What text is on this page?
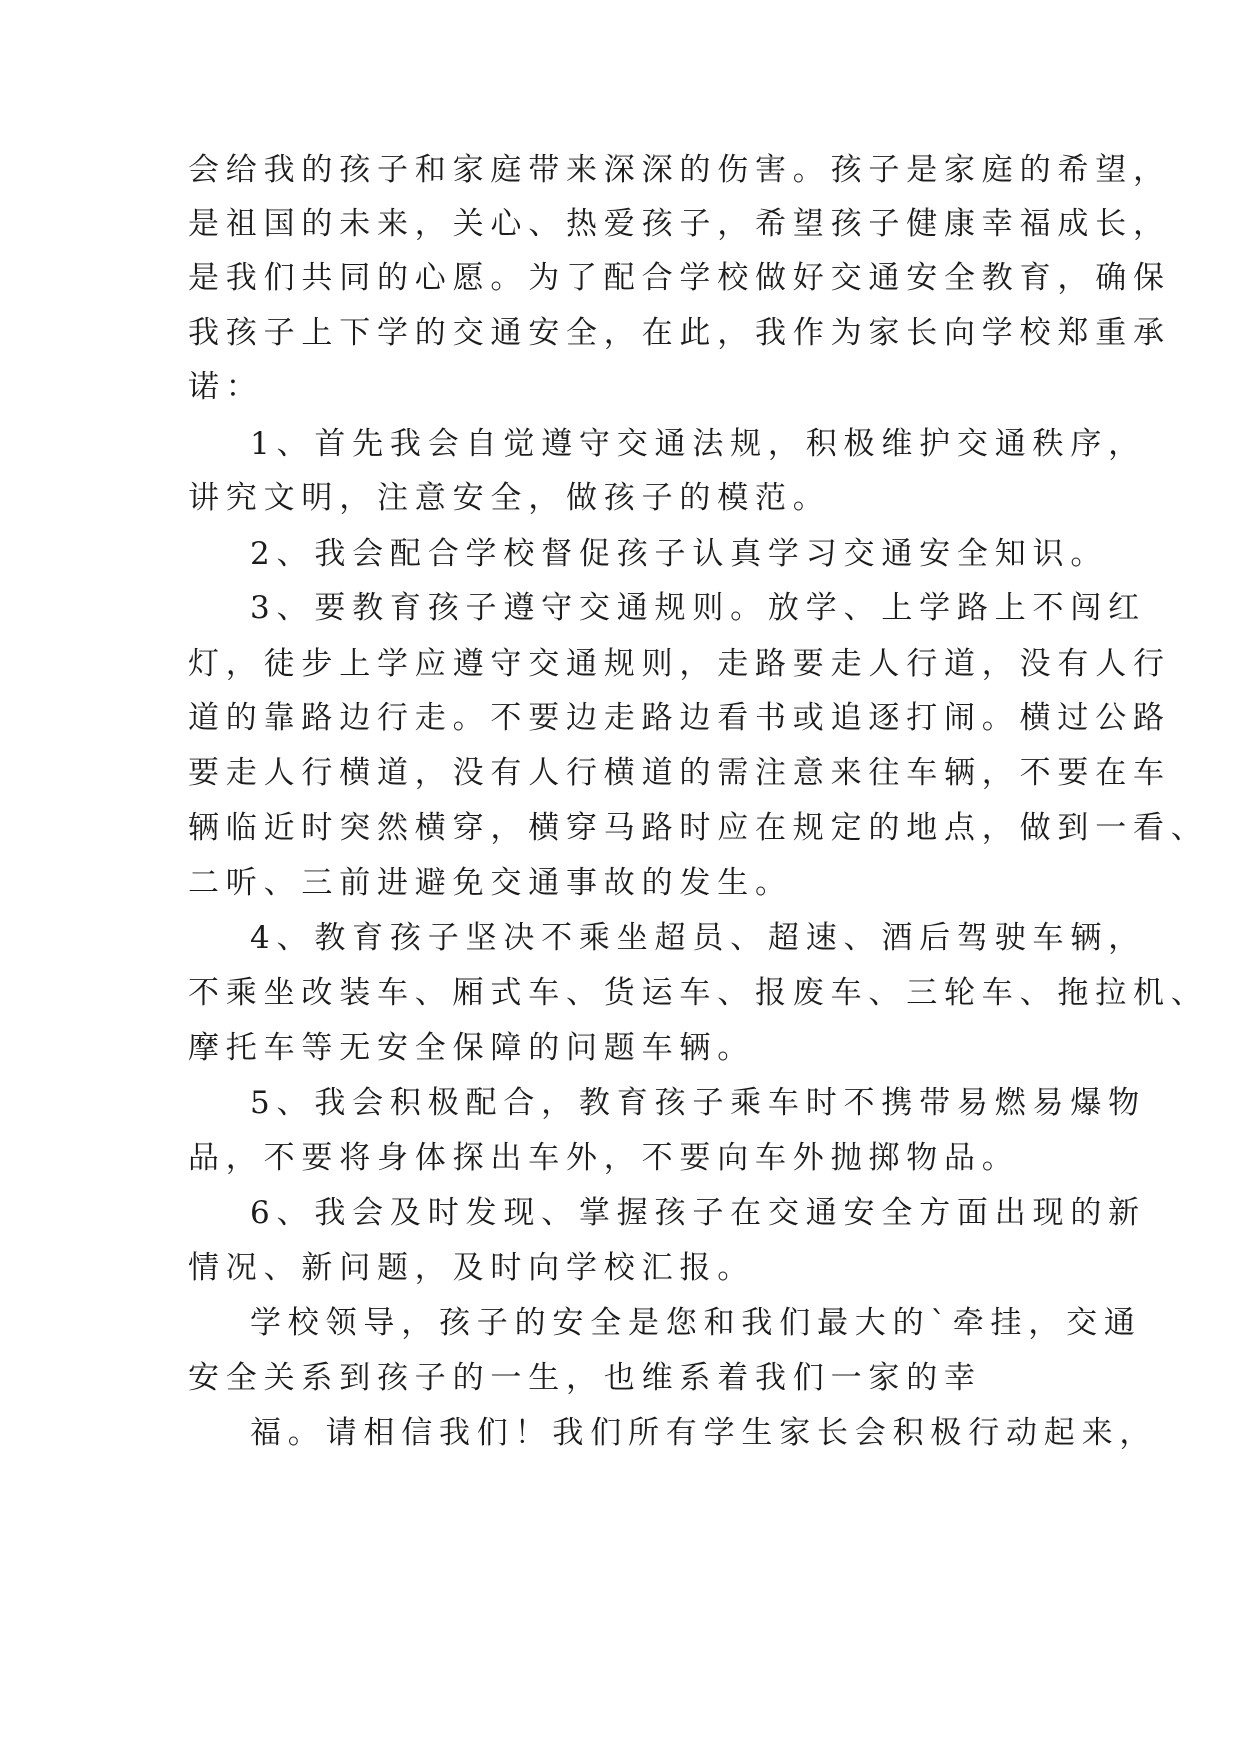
会给我的孩子和家庭带来深深的伤害。孩子是家庭的希望，
是祖国的未来，关心、热爱孩子，希望孩子健康幸福成长，
是我们共同的心愿。为了配合学校做好交通安全教育，确保
我孩子上下学的交通安全，在此，我作为家长向学校郑重承
诺：
1、首先我会自觉遵守交通法规，积极维护交通秩序，
讲究文明，注意安全，做孩子的模范。
2、我会配合学校督促孩子认真学习交通安全知识。
3、要教育孩子遵守交通规则。放学、上学路上不闯红
灯，徒步上学应遵守交通规则，走路要走人行道，没有人行
道的靠路边行走。不要边走路边看书或追逐打闹。横过公路
要走人行横道，没有人行横道的需注意来往车辆，不要在车
辆临近时突然横穿，横穿马路时应在规定的地点，做到一看、
二听、三前进避免交通事故的发生。
4、教育孩子坚决不乘坐超员、超速、酒后驾驶车辆，
不乘坐改装车、厢式车、货运车、报废车、三轮车、拖拉机、
摩托车等无安全保障的问题车辆。
5、我会积极配合，教育孩子乘车时不携带易燃易爆物
品，不要将身体探出车外，不要向车外抛掷物品。
6、我会及时发现、掌握孩子在交通安全方面出现的新
情况、新问题，及时向学校汇报。
学校领导，孩子的安全是您和我们最大的`牵挂，交通
安全关系到孩子的一生，也维系着我们一家的幸
福。请相信我们！我们所有学生家长会积极行动起来，
